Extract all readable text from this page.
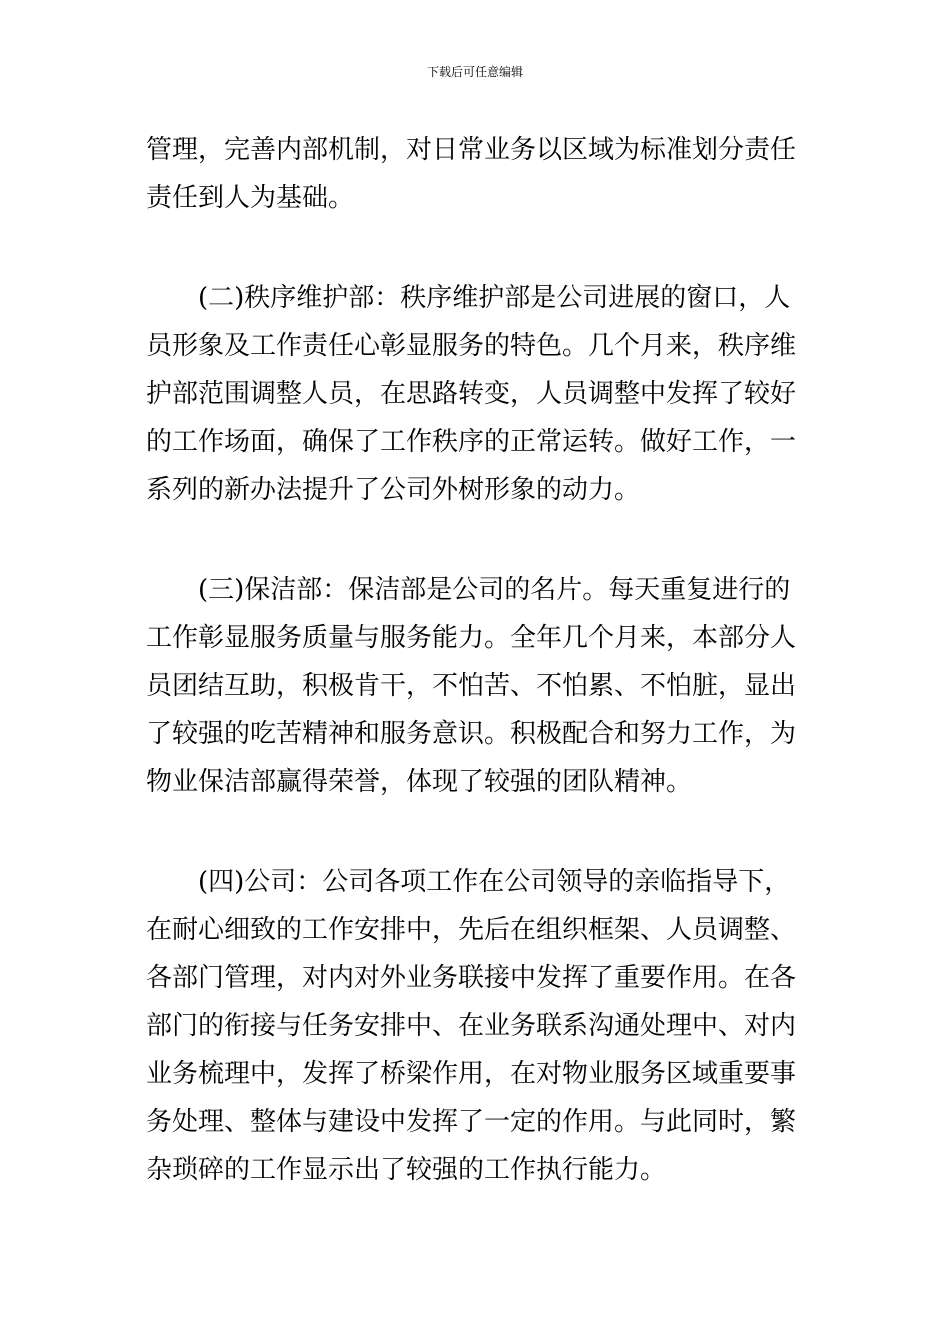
下载后可任意编辑
管理，完善内部机制，对日常业务以区域为标准划分责任
责任到人为基础。
(二)秩序维护部：秩序维护部是公司进展的窗口，人
员形象及工作责任心彰显服务的特色。几个月来，秩序维
护部范围调整人员，在思路转变，人员调整中发挥了较好
的工作场面，确保了工作秩序的正常运转。做好工作，一
系列的新办法提升了公司外树形象的动力。
(三)保洁部：保洁部是公司的名片。每天重复进行的
工作彰显服务质量与服务能力。全年几个月来，本部分人
员团结互助，积极肯干，不怕苦、不怕累、不怕脏，显出
了较强的吃苦精神和服务意识。积极配合和努力工作，为
物业保洁部赢得荣誉，体现了较强的团队精神。
(四)公司：公司各项工作在公司领导的亲临指导下，
在耐心细致的工作安排中，先后在组织框架、人员调整、
各部门管理，对内对外业务联接中发挥了重要作用。在各
部门的衔接与任务安排中、在业务联系沟通处理中、对内
业务梳理中，发挥了桥梁作用，在对物业服务区域重要事
务处理、整体与建设中发挥了一定的作用。与此同时，繁
杂琐碎的工作显示出了较强的工作执行能力。
